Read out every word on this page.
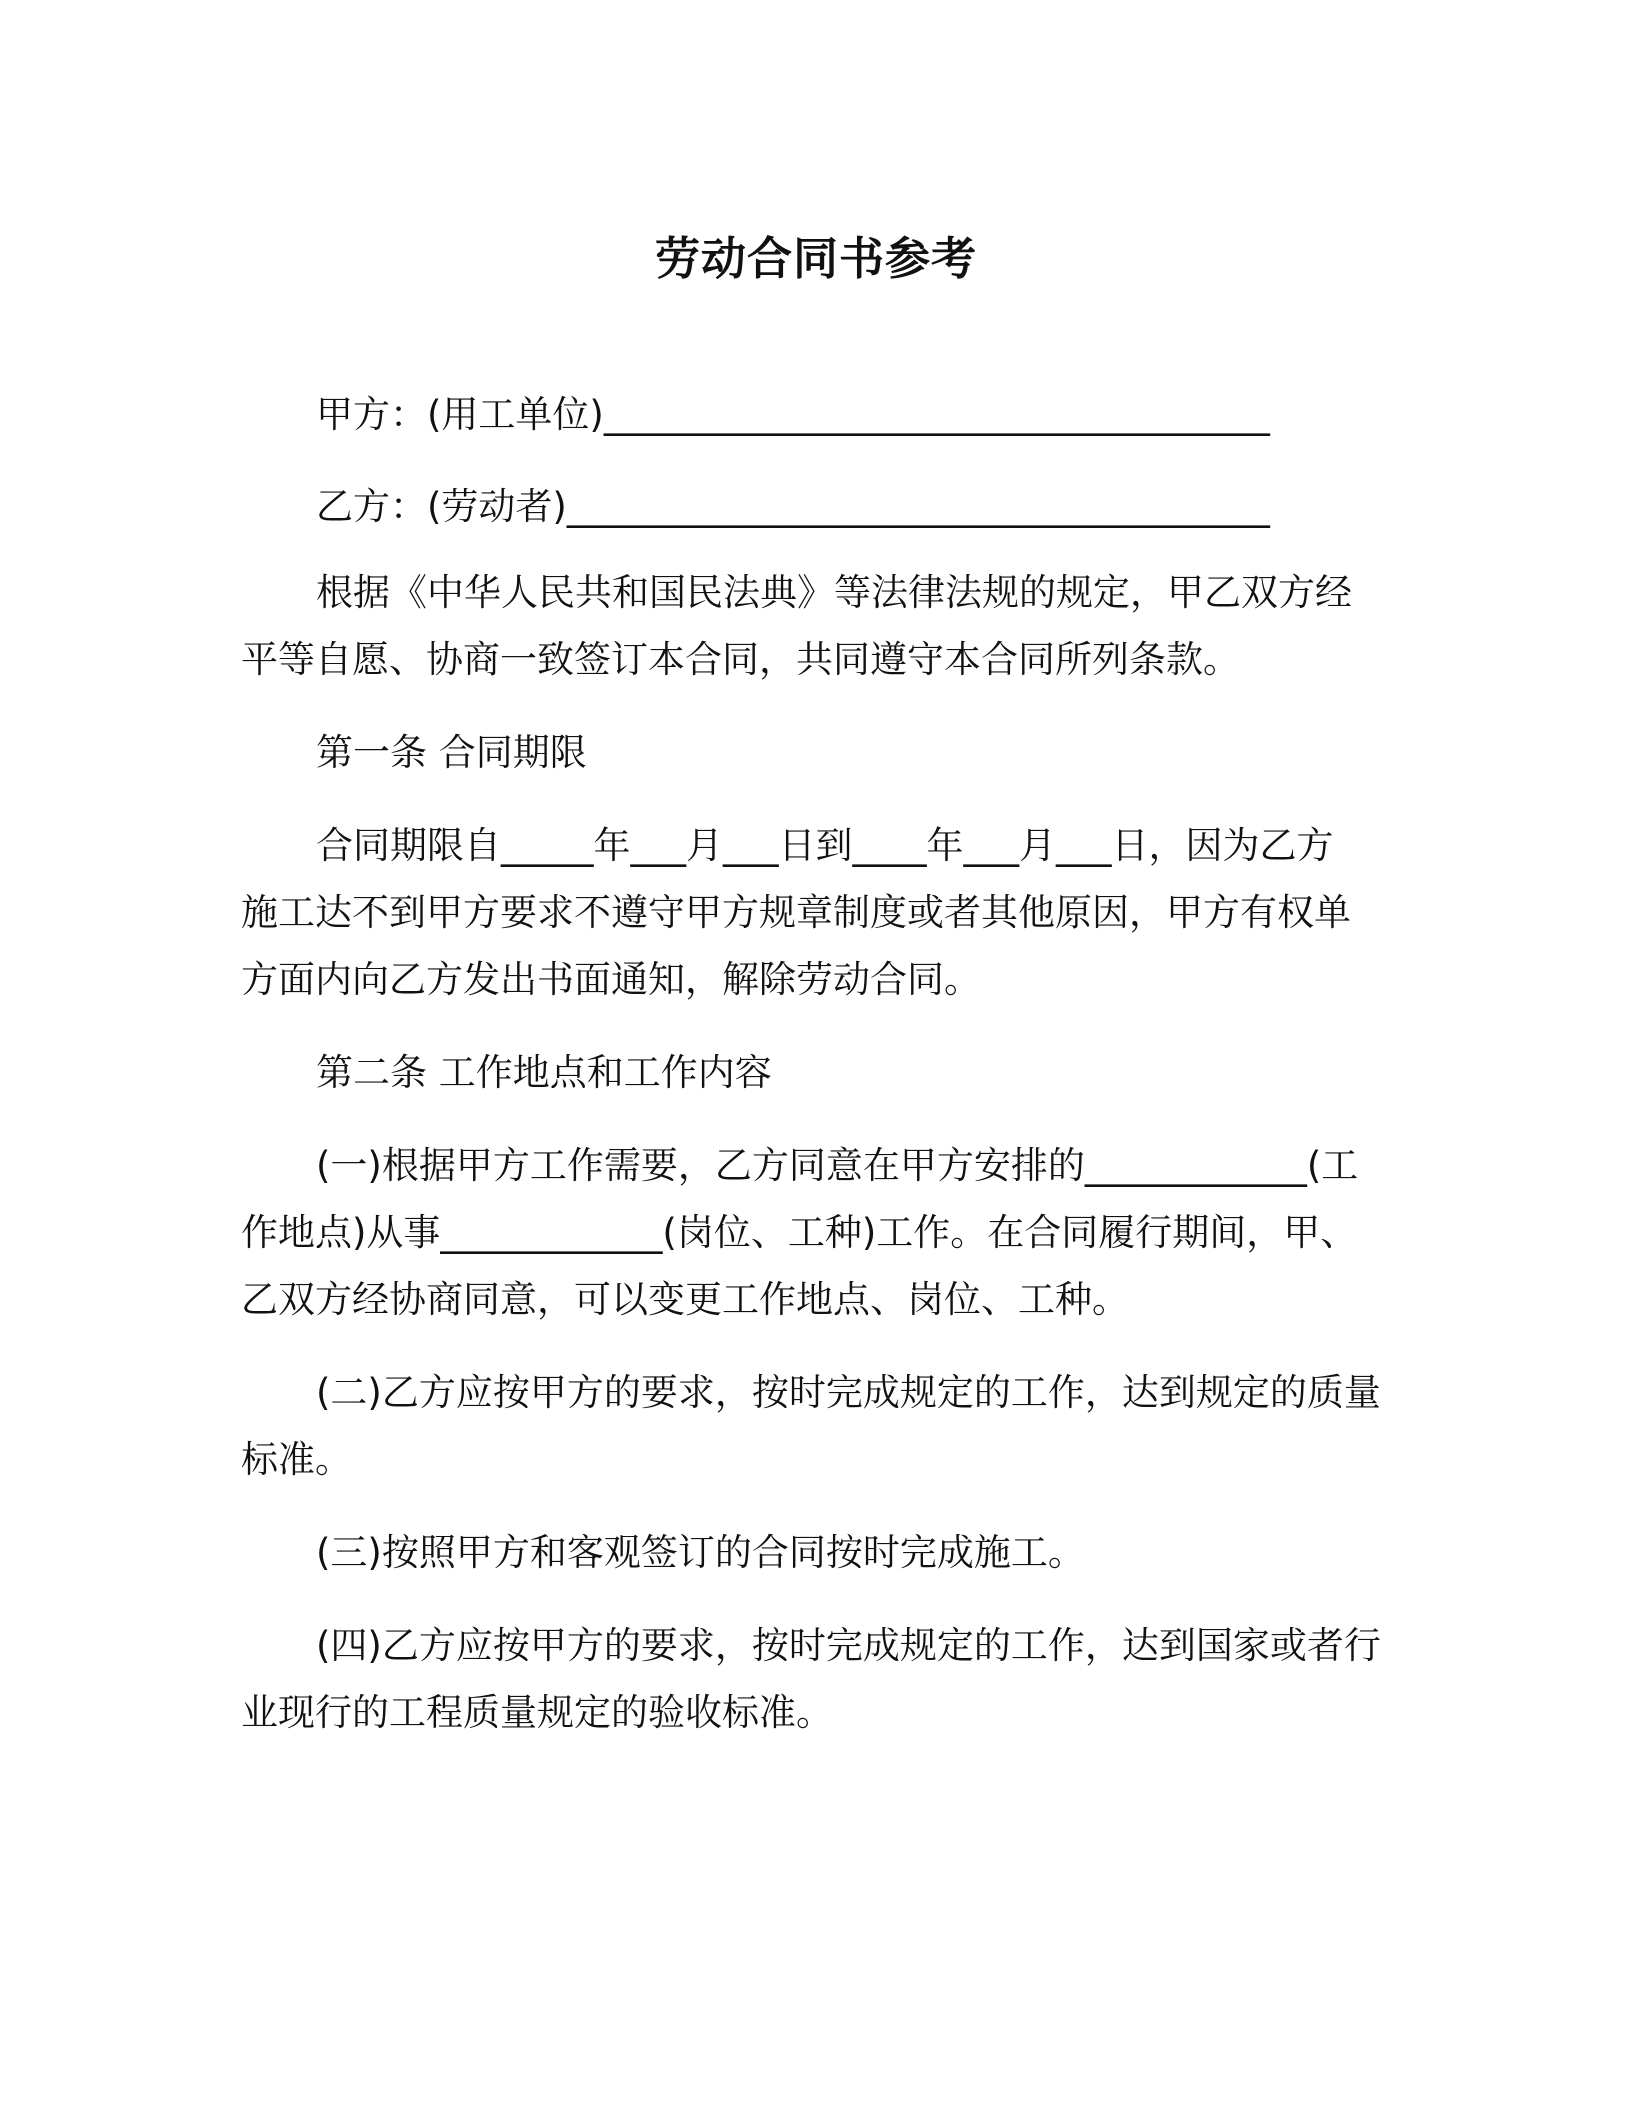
劳动合同书参考

甲方：(用工单位)____________________________________

乙方：(劳动者)______________________________________

根据《中华人民共和国民法典》等法律法规的规定，甲乙双方经

平等自愿、协商一致签订本合同，共同遵守本合同所列条款。

第一条 合同期限

合同期限自_____年___月___日到____年___月___日，因为乙方

施工达不到甲方要求不遵守甲方规章制度或者其他原因，甲方有权单

方面内向乙方发出书面通知，解除劳动合同。

第二条 工作地点和工作内容

(一)根据甲方工作需要，乙方同意在甲方安排的____________(工

作地点)从事____________(岗位、工种)工作。在合同履行期间，甲、

乙双方经协商同意，可以变更工作地点、岗位、工种。

(二)乙方应按甲方的要求，按时完成规定的工作，达到规定的质量

标准。

(三)按照甲方和客观签订的合同按时完成施工。

(四)乙方应按甲方的要求，按时完成规定的工作，达到国家或者行

业现行的工程质量规定的验收标准。
